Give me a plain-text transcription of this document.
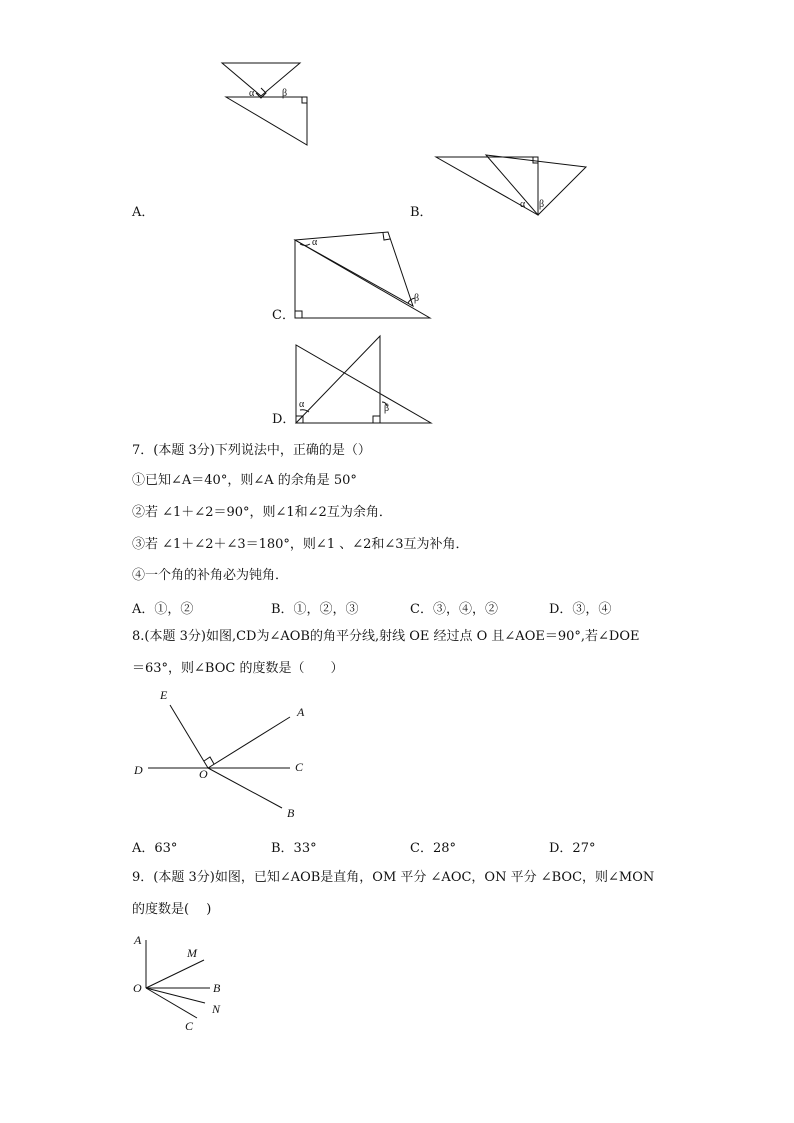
α	β
α β
α
β
α	β
A．	B．
C．
D．
7．(本题 3分)下列说法中，正确的是（）
①已知∠A＝40°，则∠A 的余角是 50°
②若 ∠1＋∠2＝90°，则∠1和∠2互为余角．
③若 ∠1＋∠2＋∠3＝180°，则∠1 、∠2和∠3互为补角．
④一个角的补角必为钝角．
A．①，②	B．①，②，③	C．③，④，②	D．③，④
8.(本题 3分)如图,CD为∠AOB的角平分线,射线 OE 经过点 O 且∠AOE＝90°,若∠DOE
＝63°，则∠BOC 的度数是（　　）
E
A
D	O	C
B
A．63°	B．33°	C．28°	D．27°
9．(本题 3分)如图，已知∠AOB是直角，OM 平分 ∠AOC，ON 平分 ∠BOC，则∠MON
的度数是(　 )
A
M
O	B
N
C
